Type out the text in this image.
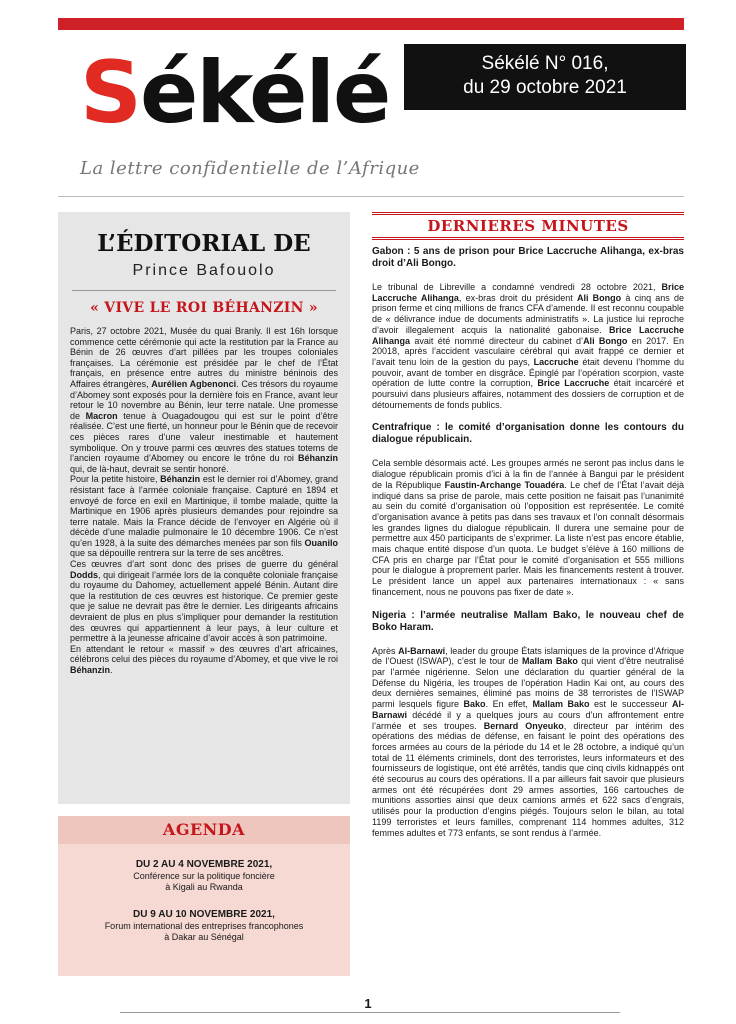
Sékélé
La lettre confidentielle de l’Afrique
Sékélé N° 016,
du 29 octobre 2021
L’ÉDITORIAL DE
Prince Bafouolo
« VIVE LE ROI BÉHANZIN »

Paris, 27 octobre 2021, Musée du quai Branly. Il est 16h lorsque commence cette cérémonie qui acte la restitution par la France au Bénin de 26 œuvres d’art pillées par les troupes coloniales françaises. La cérémonie est présidée par le chef de l’État français, en présence entre autres du ministre béninois des Affaires étrangères, Aurélien Agbenonci. Ces trésors du royaume d’Abomey sont exposés pour la dernière fois en France, avant leur retour le 10 novembre au Bénin, leur terre natale. Une promesse de Macron tenue à Ouagadougou qui est sur le point d’être réalisée. C’est une fierté, un honneur pour le Bénin que de recevoir ces pièces rares d’une valeur inestimable et hautement symbolique. On y trouve parmi ces œuvres des statues totems de l’ancien royaume d’Abomey ou encore le trône du roi Béhanzin qui, de là-haut, devrait se sentir honoré.

Pour la petite histoire, Béhanzin est le dernier roi d’Abomey, grand résistant face à l’armée coloniale française. Capturé en 1894 et envoyé de force en exil en Martinique, il tombe malade, quitte la Martinique en 1906 après plusieurs demandes pour rejoindre sa terre natale. Mais la France décide de l’envoyer en Algérie où il décède d’une maladie pulmonaire le 10 décembre 1906. Ce n’est qu’en 1928, à la suite des démarches menées par son fils Ouanilo que sa dépouille rentrera sur la terre de ses ancêtres.

Ces œuvres d’art sont donc des prises de guerre du général Dodds, qui dirigeait l’armée lors de la conquête coloniale française du royaume du Dahomey, actuellement appelé Bénin. Autant dire que la restitution de ces œuvres est historique. Ce premier geste que je salue ne devrait pas être le dernier. Les dirigeants africains devraient de plus en plus s’impliquer pour demander la restitution des œuvres qui appartiennent à leur pays, à leur culture et permettre à la jeunesse africaine d’avoir accès à son patrimoine.

En attendant le retour « massif » des œuvres d’art africaines, célébrons celui des pièces du royaume d’Abomey, et que vive le roi Béhanzin.

AGENDA
DU 2 AU 4 NOVEMBRE 2021,
Conférence sur la politique foncière
à Kigali au Rwanda
DU 9 AU 10 NOVEMBRE 2021,
Forum international des entreprises francophones
à Dakar au Sénégal
DERNIERES MINUTES
Gabon : 5 ans de prison pour Brice Laccruche Alihanga, ex-bras droit d’Ali Bongo.

Le tribunal de Libreville a condamné vendredi 28 octobre 2021, Brice Laccruche Alihanga, ex-bras droit du président Ali Bongo à cinq ans de prison ferme et cinq millions de francs CFA d’amende. Il est reconnu coupable de « délivrance indue de documents administratifs ». La justice lui reproche d’avoir illegalement acquis la nationalité gabonaise. Brice Laccruche Alihanga avait été nommé directeur du cabinet d’Ali Bongo en 2017. En 20018, après l’accident vasculaire cérébral qui avait frappé ce dernier et l’avait tenu loin de la gestion du pays, Laccruche était devenu l’homme du pouvoir, avant de tomber en disgrâce. Épinglé par l’opération scorpion, vaste opération de lutte contre la corruption, Brice Laccruche était incarcéré et poursuivi dans plusieurs affaires, notamment des dossiers de corruption et de détournements de fonds publics.

Centrafrique : le comité d’organisation donne les contours du dialogue républicain.

Cela semble désormais acté. Les groupes armés ne seront pas inclus dans le dialogue républicain promis d’ici à la fin de l’année à Bangui par le président de la République Faustin-Archange Touadéra. Le chef de l’État l’avait déjà indiqué dans sa prise de parole, mais cette position ne faisait pas l’unanimité au sein du comité d’organisation où l’opposition est représentée. Le comité d’organisation avance à petits pas dans ses travaux et l’on connaît désormais les grandes lignes du dialogue républicain. Il durera une semaine pour de permettre aux 450 participants de s’exprimer. La liste n’est pas encore établie, mais chaque entité dispose d’un quota. Le budget s’élève à 160 millions de CFA pris en charge par l’État pour le comité d’organisation et 555 millions pour le dialogue à proprement parler. Mais les financements restent à trouver. Le président lance un appel aux partenaires internationaux : « sans financement, nous ne pouvons pas fixer de date ».

Nigeria : l’armée neutralise Mallam Bako, le nouveau chef de Boko Haram.

Après Al-Barnawi, leader du groupe États islamiques de la province d’Afrique de l’Ouest (ISWAP), c’est le tour de Mallam Bako qui vient d’être neutralisé par l’armée nigérienne. Selon une déclaration du quartier général de la Défense du Nigéria, les troupes de l’opération Hadin Kai ont, au cours des deux dernières semaines, éliminé pas moins de 38 terroristes de l’ISWAP parmi lesquels figure Bako. En effet, Mallam Bako est le successeur Al-Barnawi décédé il y a quelques jours au cours d’un affrontement entre l’armée et ses troupes. Bernard Onyeuko, directeur par intérim des opérations des médias de défense, en faisant le point des opérations des forces armées au cours de la période du 14 et le 28 octobre, a indiqué qu’un total de 11 éléments criminels, dont des terroristes, leurs informateurs et des fournisseurs de logistique, ont été arrêtés, tandis que cinq civils kidnappés ont été secourus au cours des opérations. Il a par ailleurs fait savoir que plusieurs armes ont été récupérées dont 29 armes assorties, 166 cartouches de munitions assorties ainsi que deux camions armés et 622 sacs d’engrais, utilisés pour la production d’engins piégés. Toujours selon le bilan, au total 1199 terroristes et leurs familles, comprenant 114 hommes adultes, 312 femmes adultes et 773 enfants, se sont rendus à l’armée.

1
